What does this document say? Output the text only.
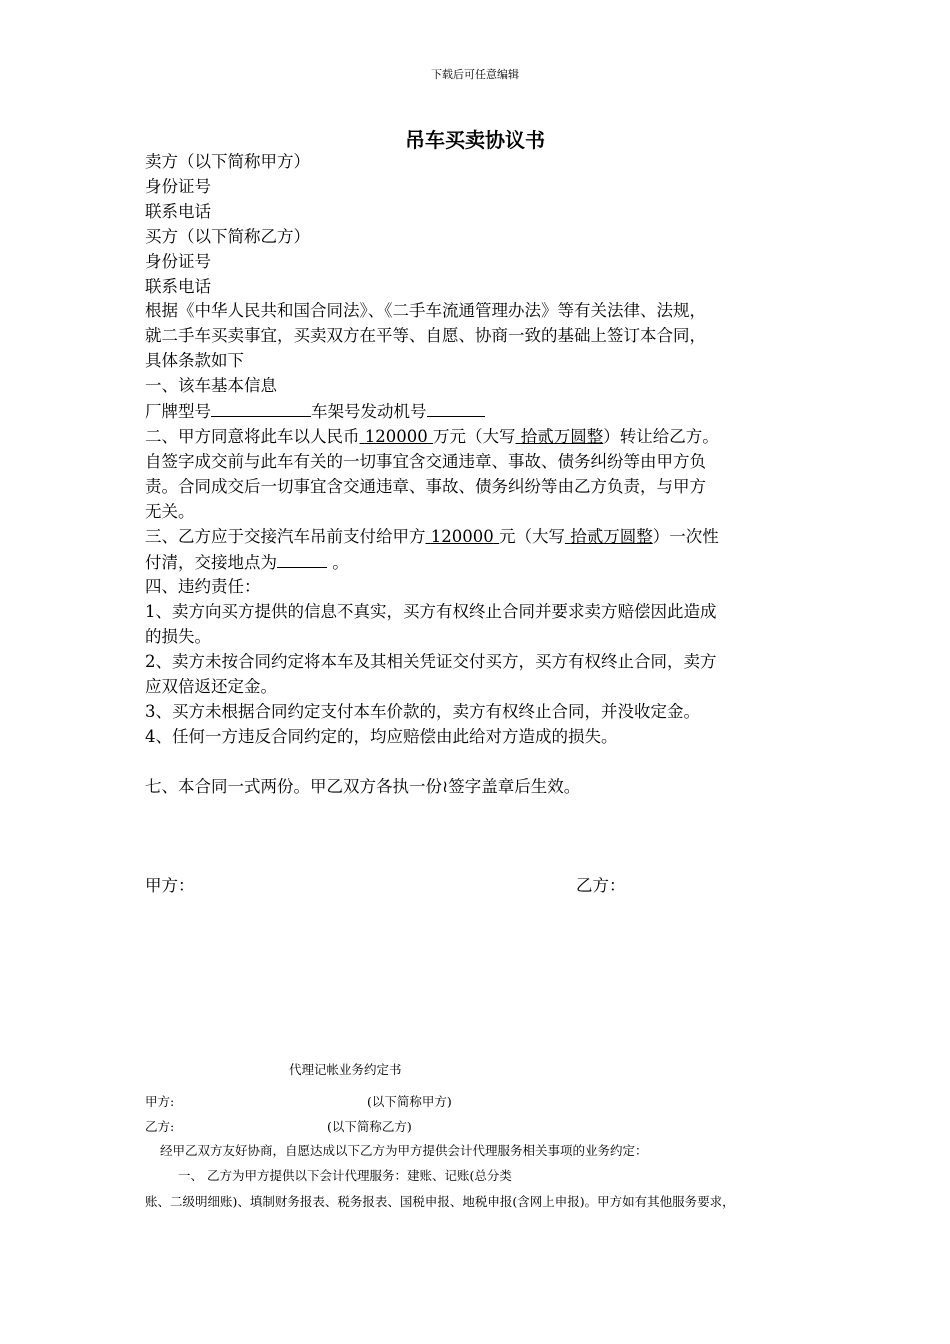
下载后可任意编辑
吊车买卖协议书

卖方（以下简称甲方）

身份证号

联系电话

买方（以下简称乙方）

身份证号

联系电话

根据《中华人民共和国合同法》、《二手车流通管理办法》等有关法律、法规，

就二手车买卖事宜，买卖双方在平等、自愿、协商一致的基础上签订本合同，

具体条款如下

一、该车基本信息

厂牌型号	车架号发动机号

二、甲方同意将此车以人民币 120000 万元（大写 拾贰万圆整）转让给乙方。

自签字成交前与此车有关的一切事宜含交通违章、事故、债务纠纷等由甲方负

责。合同成交后一切事宜含交通违章、事故、债务纠纷等由乙方负责，与甲方

无关。

三、乙方应于交接汽车吊前支付给甲方 120000 元（大写 拾贰万圆整）一次性

付清，交接地点为	。

四、违约责任：

1、卖方向买方提供的信息不真实，买方有权终止合同并要求卖方赔偿因此造成

的损失。

2、卖方未按合同约定将本车及其相关凭证交付买方，买方有权终止合同，卖方

应双倍返还定金。

3、买方未根据合同约定支付本车价款的，卖方有权终止合同，并没收定金。

4、任何一方违反合同约定的，均应赔偿由此给对方造成的损失。

七、本合同一式两份。甲乙双方各执一份≀签字盖章后生效。

甲方：	乙方：
代理记帐业务约定书
甲方:	(以下简称甲方)
乙方:	(以下简称乙方)
经甲乙双方友好协商，自愿达成以下乙方为甲方提供会计代理服务相关事项的业务约定：
一、 乙方为甲方提供以下会计代理服务：建账、记账(总分类
账、二级明细账)、填制财务报表、税务报表、国税申报、地税申报(含网上申报)。甲方如有其他服务要求，
